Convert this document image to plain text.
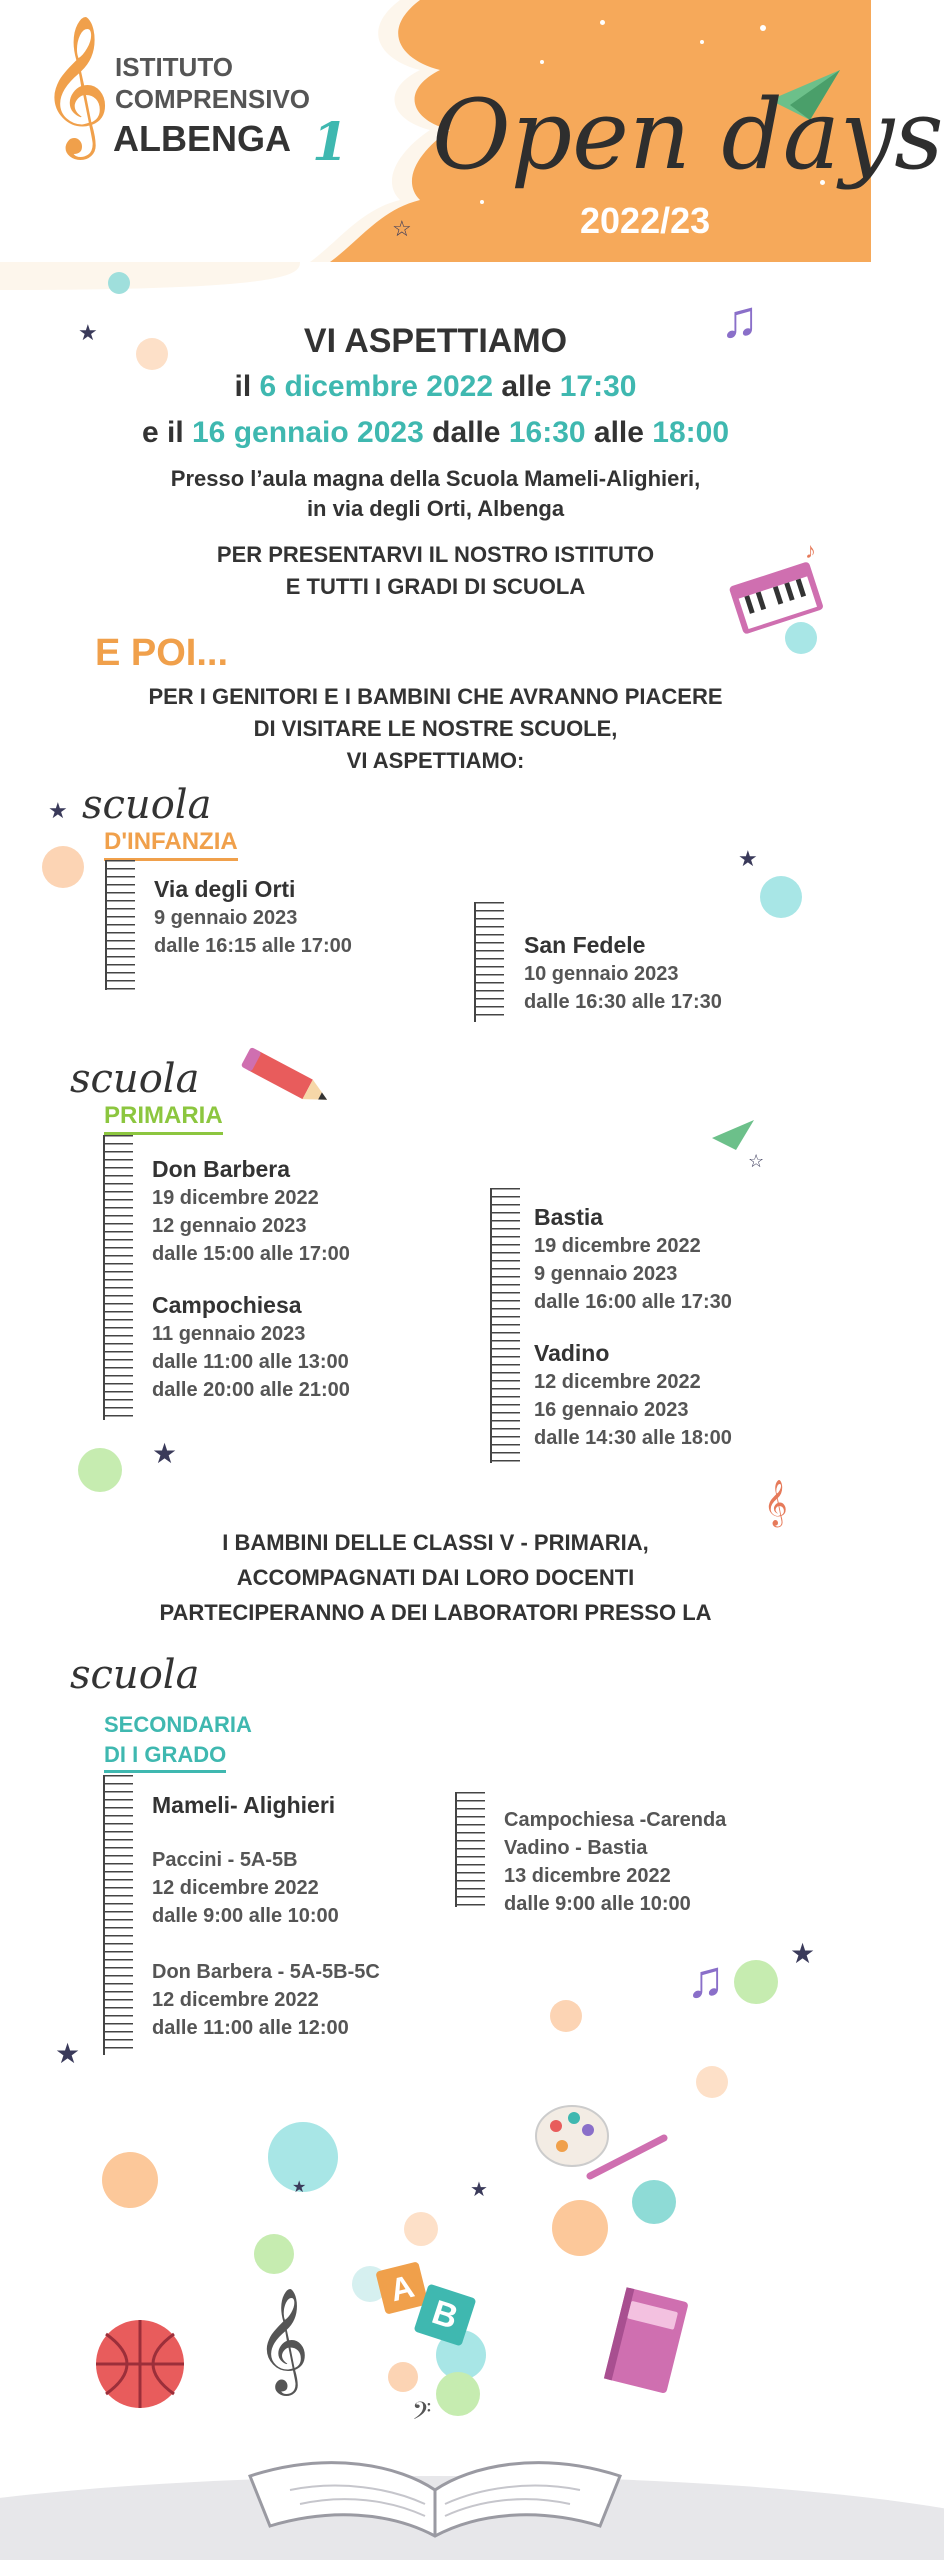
𝄞 ISTITUTO
COMPRENSIVO
ALBENGA 1 Open days
2022/23
☆
★	♫
VI ASPETTIAMO
il 6 dicembre 2022 alle 17:30
e il 16 gennaio 2023 dalle 16:30 alle 18:00
Presso l’aula magna della Scuola Mameli-Alighieri,
in via degli Orti, Albenga
PER PRESENTARVI IL NOSTRO ISTITUTO
E TUTTI I GRADI DI SCUOLA
♪
E POI...
PER I GENITORI E I BAMBINI CHE AVRANNO PIACERE
DI VISITARE LE NOSTRE SCUOLE,
VI ASPETTIAMO:
★ scuola
D'INFANZIA
★
Via degli Orti
9 gennaio 2023
dalle 16:15 alle 17:00	San Fedele
10 gennaio 2023
dalle 16:30 alle 17:30
scuola
PRIMARIA
☆
Don Barbera
19 dicembre 2022
12 gennaio 2023
dalle 15:00 alle 17:00
Campochiesa
11 gennaio 2023
dalle 11:00 alle 13:00
dalle 20:00 alle 21:00
Bastia
19 dicembre 2022
9 gennaio 2023
dalle 16:00 alle 17:30
Vadino
12 dicembre 2022
16 gennaio 2023
dalle 14:30 alle 18:00
★
𝄞
I BAMBINI DELLE CLASSI V - PRIMARIA,
ACCOMPAGNATI DAI LORO DOCENTI
PARTECIPERANNO A DEI LABORATORI PRESSO LA
scuola
SECONDARIA
DI I GRADO
Mameli- Alighieri
Paccini - 5A-5B
12 dicembre 2022
dalle 9:00 alle 10:00
Don Barbera - 5A-5B-5C
12 dicembre 2022
dalle 11:00 alle 12:00
Campochiesa -Carenda
Vadino - Bastia
13 dicembre 2022
dalle 9:00 alle 10:00
♫ ★
★
★
★
𝄞	A
B
𝄢
